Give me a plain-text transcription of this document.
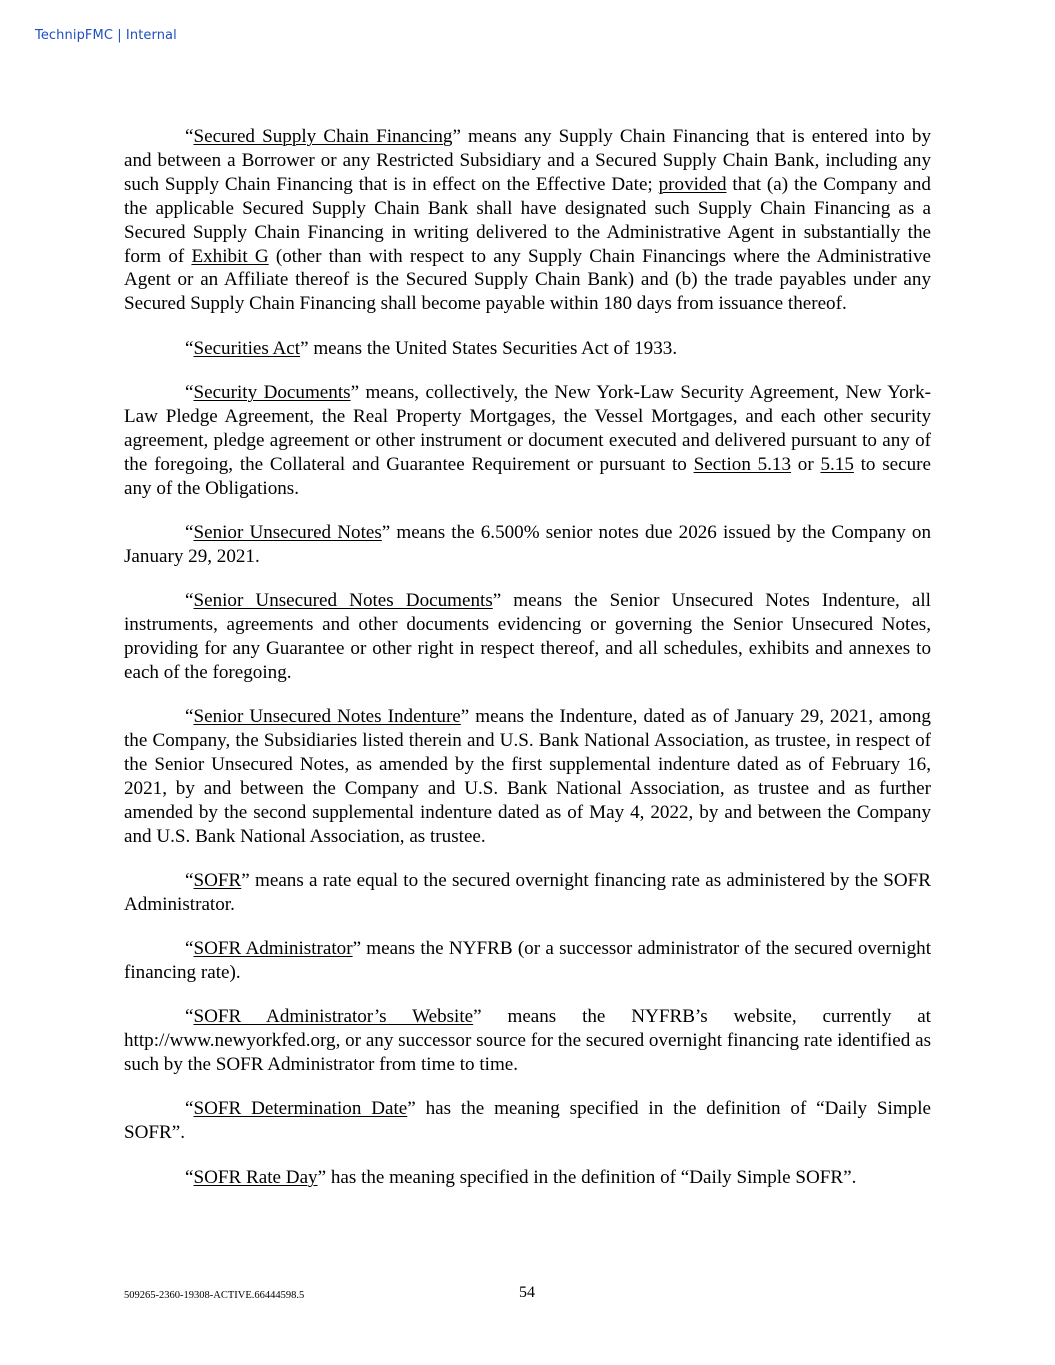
TechnipFMC | Internal

“Secured Supply Chain Financing” means any Supply Chain Financing that is entered into by and between a Borrower or any Restricted Subsidiary and a Secured Supply Chain Bank, including any such Supply Chain Financing that is in effect on the Effective Date; provided that (a) the Company and the applicable Secured Supply Chain Bank shall have designated such Supply Chain Financing as a Secured Supply Chain Financing in writing delivered to the Administrative Agent in substantially the form of Exhibit G (other than with respect to any Supply Chain Financings where the Administrative Agent or an Affiliate thereof is the Secured Supply Chain Bank) and (b) the trade payables under any Secured Supply Chain Financing shall become payable within 180 days from issuance thereof.

“Securities Act” means the United States Securities Act of 1933.

“Security Documents” means, collectively, the New York-Law Security Agreement, New York-Law Pledge Agreement, the Real Property Mortgages, the Vessel Mortgages, and each other security agreement, pledge agreement or other instrument or document executed and delivered pursuant to any of the foregoing, the Collateral and Guarantee Requirement or pursuant to Section 5.13 or 5.15 to secure any of the Obligations.

“Senior Unsecured Notes” means the 6.500% senior notes due 2026 issued by the Company on January 29, 2021.

“Senior Unsecured Notes Documents” means the Senior Unsecured Notes Indenture, all instruments, agreements and other documents evidencing or governing the Senior Unsecured Notes, providing for any Guarantee or other right in respect thereof, and all schedules, exhibits and annexes to each of the foregoing.

“Senior Unsecured Notes Indenture” means the Indenture, dated as of January 29, 2021, among the Company, the Subsidiaries listed therein and U.S. Bank National Association, as trustee, in respect of the Senior Unsecured Notes, as amended by the first supplemental indenture dated as of February 16, 2021, by and between the Company and U.S. Bank National Association, as trustee and as further amended by the second supplemental indenture dated as of May 4, 2022, by and between the Company and U.S. Bank National Association, as trustee.

“SOFR” means a rate equal to the secured overnight financing rate as administered by the SOFR Administrator.

“SOFR Administrator” means the NYFRB (or a successor administrator of the secured overnight financing rate).

“SOFR Administrator’s Website” means the NYFRB’s website, currently at http://www.newyorkfed.org, or any successor source for the secured overnight financing rate identified as such by the SOFR Administrator from time to time.

“SOFR Determination Date” has the meaning specified in the definition of “Daily Simple SOFR”.

“SOFR Rate Day” has the meaning specified in the definition of “Daily Simple SOFR”.

509265-2360-19308-ACTIVE.66444598.5	54
